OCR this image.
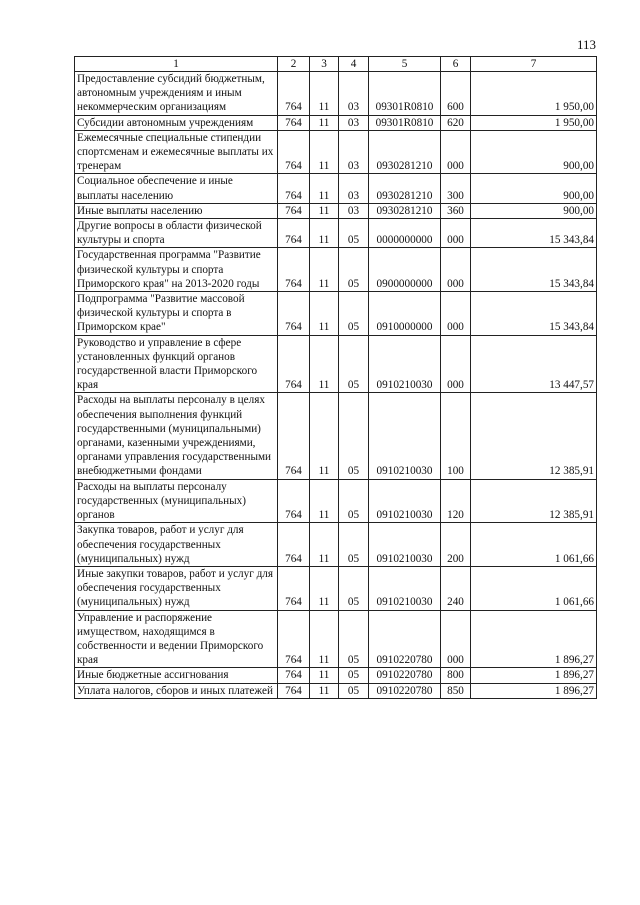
113
1	2	3	4	5	6	7
Предоставление субсидий бюджетным, автономным учреждениям и иным некоммерческим организациям	764	11	03	09301R0810	600	1 950,00
Субсидии автономным учреждениям	764	11	03	09301R0810	620	1 950,00
Ежемесячные специальные стипендии спортсменам и ежемесячные выплаты их тренерам	764	11	03	0930281210	000	900,00
Социальное обеспечение и иные выплаты населению	764	11	03	0930281210	300	900,00
Иные выплаты населению	764	11	03	0930281210	360	900,00
Другие вопросы в области физической культуры и спорта	764	11	05	0000000000	000	15 343,84
Государственная программа "Развитие физической культуры и спорта Приморского края" на 2013-2020 годы	764	11	05	0900000000	000	15 343,84
Подпрограмма "Развитие массовой физической культуры и спорта в Приморском крае"	764	11	05	0910000000	000	15 343,84
Руководство и управление в сфере установленных функций органов государственной власти Приморского края	764	11	05	0910210030	000	13 447,57
Расходы на выплаты персоналу в целях обеспечения выполнения функций государственными (муниципальными) органами, казенными учреждениями, органами управления государственными внебюджетными фондами	764	11	05	0910210030	100	12 385,91
Расходы на выплаты персоналу государственных (муниципальных) органов	764	11	05	0910210030	120	12 385,91
Закупка товаров, работ и услуг для обеспечения государственных (муниципальных) нужд	764	11	05	0910210030	200	1 061,66
Иные закупки товаров, работ и услуг для обеспечения государственных (муниципальных) нужд	764	11	05	0910210030	240	1 061,66
Управление и распоряжение имуществом, находящимся в собственности и ведении Приморского края	764	11	05	0910220780	000	1 896,27
Иные бюджетные ассигнования	764	11	05	0910220780	800	1 896,27
Уплата налогов, сборов и иных платежей	764	11	05	0910220780	850	1 896,27
